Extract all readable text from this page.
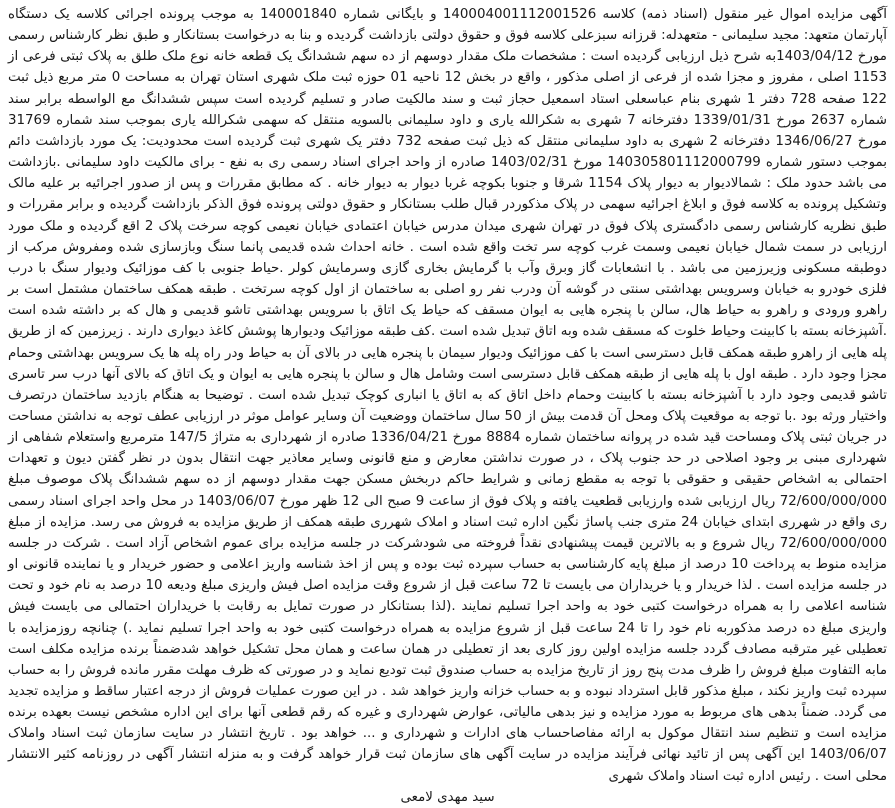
آگهی مزایده اموال غیر منقول (اسناد ذمه) کلاسه 140004001112001526 و بایگانی شماره 140001840 به موجب پرونده اجرائی کلاسه یک دستگاه آپارتمان متعهد: مجید سلیمانی - متعهدله: قرزانه سبزعلی کلاسه فوق و حقوق دولتی بازداشت گردیده و بنا به درخواست بستانکار و طبق نظر کارشناس رسمی مورخ 1403/04/12به شرح ذیل ارزیابی گردیده است : مشخصات ملک مقدار دوسهم از ده سهم ششدانگ یک قطعه خانه نوع ملک طلق به پلاک ثبتی فرعی از 1153 اصلی ، مفروز و مجزا شده از فرعی از اصلی مذکور ، واقع در بخش 12 ناحیه 01 حوزه ثبت ملک شهری استان تهران به مساحت 0 متر مربع ذیل ثبت 122 صفحه 728 دفتر 1 شهری بنام عباسعلی استاد اسمعیل حجاز ثبت و سند مالکیت صادر و تسلیم گردیده است سپس ششدانگ مع الواسطه برابر سند شماره 2637 مورخ 1339/01/31 دفترخانه 7 شهری به شکرالله یاری و داود سلیمانی بالسویه منتقل که سهمی شکرالله یاری بموجب سند شماره 31769 مورخ 1346/06/27 دفترخانه 2 شهری به داود سلیمانی منتقل که ذیل ثبت صفحه 732 دفتر یک شهری ثبت گردیده است محدودیت: یک مورد بازداشت دائم بموجب دستور شماره 140305801112000799 مورخ 1403/02/31 صادره از واحد اجرای اسناد رسمی ری به نفع - برای مالکیت داود سلیمانی .بازداشت می باشد حدود ملک : شمالادیوار به دیوار پلاک 1154 شرقا و جنوبا بکوچه غربا دیوار به دیوار خانه . که مطابق مقررات و پس از صدور اجرائیه بر علیه مالک وتشکیل پرونده به کلاسه فوق و ابلاغ اجرائیه سهمی در پلاک مذکوردر قبال طلب بستانکار و حقوق دولتی پرونده فوق الذکر بازداشت گردیده و برابر مقررات و طبق نظریه کارشناس رسمی دادگستری پلاک فوق در تهران شهری میدان مدرس خیابان اعتمادی خیابان نعیمی کوچه سرخت پلاک 2 اقع گردیده و ملک مورد ارزیابی در سمت شمال خیابان نعیمی وسمت غرب کوچه سر تخت واقع شده است . خانه احداث شده قدیمی پانما سنگ وبازسازی شده ومفروش مرکب از دوطبقه مسکونی وزیرزمین می باشد . با انشعابات گاز وبرق وآب با گرمایش بخاری گازی وسرمایش کولر .حیاط جنوبی با کف موزائیک ودیوار سنگ با درب فلزی خودرو به خیابان وسرویس بهداشتی سنتی در گوشه آن ودرب نفر رو اصلی به ساختمان از اول کوچه سرتخت . طبقه همکف ساختمان مشتمل است بر راهرو ورودی و راهرو به حیاط هال، سالن با پنجره هایی به ایوان مسقف که حیاط یک اتاق با سرویس بهداشتی تاشو قدیمی و هال که بر داشته شده است .آشپزخانه بسته با کابینت وحیاط خلوت که مسقف شده وبه اتاق تبدیل شده است .کف طبقه موزائیک ودیوارها پوشش کاغذ دیواری دارند . زیرزمین که از طریق پله هایی از راهرو طبقه همکف قابل دسترسی است با کف موزائیک ودیوار سیمان با پنجره هایی در بالای آن به حیاط ودر راه پله ها یک سرویس بهداشتی وحمام مجزا وجود دارد . طبقه اول با پله هایی از طبقه همکف قابل دسترسی است وشامل هال و سالن با پنجره هایی به ایوان و یک اتاق که بالای آنها درب سر تاسری تاشو قدیمی وجود دارد با آشپزخانه بسته با کابینت وحمام داخل اتاق که به اتاق یا انباری کوچک تبدیل شده است . توضیحا به هنگام بازدید ساختمان درتصرف واختیار ورثه بود .با توجه به موقعیت پلاک ومحل آن قدمت بیش از 50 سال ساختمان ووضعیت آن وسایر عوامل موثر در ارزیابی عطف توجه به نداشتن مساحت در جریان ثبتی پلاک ومساحت قید شده در پروانه ساختمان شماره 8884 مورخ 1336/04/21 صادره از شهرداری به متراژ 147/5 مترمربع واستعلام شفاهی از شهرداری مبنی بر وجود اصلاحی در حد جنوب پلاک ، در صورت نداشتن معارض و منع قانونی وسایر معاذیر جهت انتقال بدون در نظر گفتن دیون و تعهدات احتمالی به اشخاص حقیقی و حقوقی با توجه به مقطع زمانی و شرایط حاکم دربخش مسکن جهت مقدار دوسهم از ده سهم ششدانگ پلاک موصوف مبلغ 72/600/000/000 ریال ارزیابی شده وارزیابی قطعیت یافته و پلاک فوق از ساعت 9 صبح الی 12 ظهر مورخ 1403/06/07 در محل واحد اجرای اسناد رسمی ری واقع در شهرری ابتدای خیابان 24 متری جنب پاساژ نگین اداره ثبت اسناد و املاک شهرری طبقه همکف از طریق مزایده به فروش می رسد. مزایده از مبلغ 72/600/000/000 ریال شروع و به بالاترین قیمت پیشنهادی نقداً فروخته می شودشرکت در جلسه مزایده برای عموم اشخاص آزاد است . شرکت در جلسه مزایده منوط به پرداخت 10 درصد از مبلغ پایه کارشناسی به حساب سپرده ثبت بوده و پس از اخذ شناسه واریز اعلامی و حضور خریدار و یا نماینده قانونی او در جلسه مزایده است . لذا خریدار و یا خریداران می بایست تا 72 ساعت قبل از شروع وقت مزایده اصل فیش واریزی مبلغ ودیعه 10 درصد به نام خود و تحت شناسه اعلامی را به همراه درخواست کتبی خود به واحد اجرا تسلیم نمایند .(لذا بستانکار در صورت تمایل به رقابت با خریداران احتمالی می بایست فیش واریزی مبلغ ده درصد مذکوربه نام خود را تا 24 ساعت قبل از شروع مزایده به همراه درخواست کتبی خود به واحد اجرا تسلیم نماید .) چنانچه روزمزایده با تعطیلی غیر مترقبه مصادف گردد جلسه مزایده اولین روز کاری بعد از تعطیلی در همان ساعت و همان محل تشکیل خواهد شدضمناً برنده مزایده مکلف است مابه التفاوت مبلغ فروش را ظرف مدت پنج روز از تاریخ مزایده به حساب صندوق ثبت تودیع نماید و در صورتی که ظرف مهلت مقرر مانده فروش را به حساب سپرده ثبت واریز نکند ، مبلغ مذکور قابل استرداد نبوده و به حساب خزانه واریز خواهد شد . در این صورت عملیات فروش از درجه اعتبار ساقط و مزایده تجدید می گردد. ضمناً بدهی های مربوط به مورد مزایده و نیز بدهی مالیاتی، عوارض شهرداری و غیره که رقم قطعی آنها برای این اداره مشخص نیست بعهده برنده مزایده است و تنظیم سند انتقال موکول به ارائه مفاصاحساب های ادارات و شهرداری و ... خواهد بود . تاریخ انتشار در سایت سازمان ثبت اسناد واملاک 1403/06/07 این آگهی پس از تائید نهائی فرآیند مزایده در سایت آگهی های سازمان ثبت قرار خواهد گرفت و به منزله انتشار آگهی در روزنامه کثیر الانتشار محلی است . رئیس اداره ثبت اسناد واملاک شهری

سید مهدی لامعی
